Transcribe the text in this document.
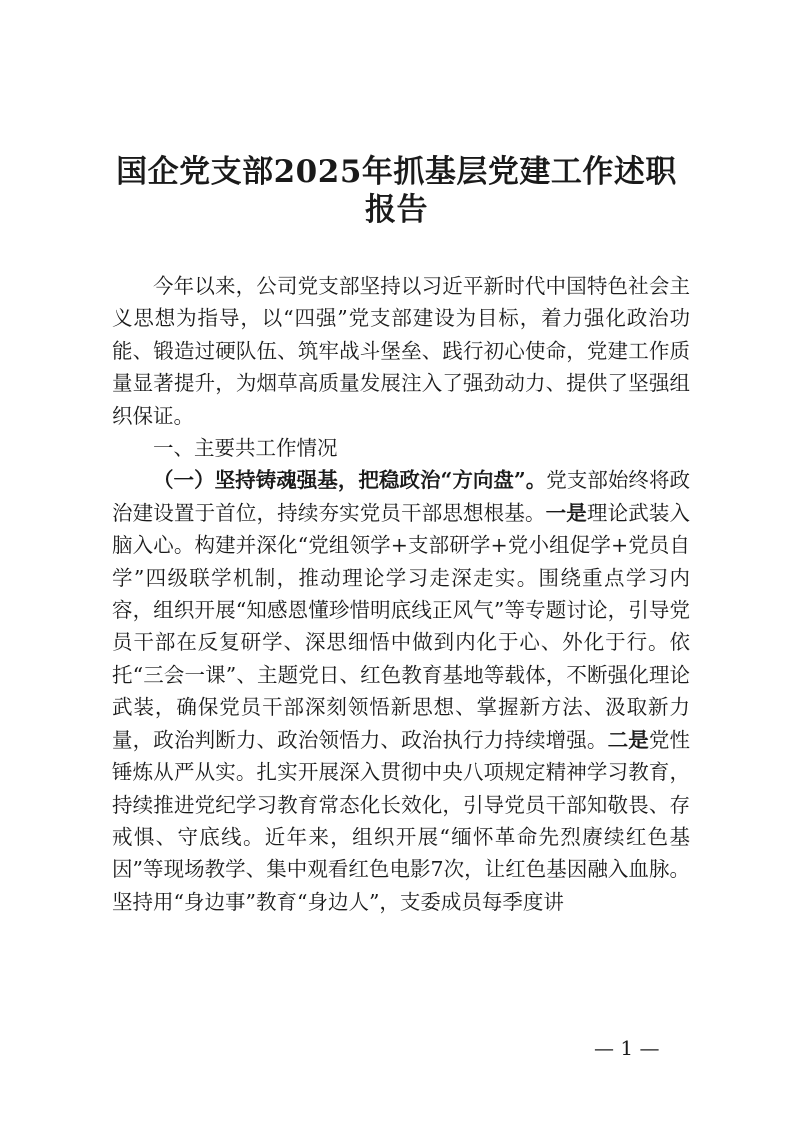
国企党支部2025年抓基层党建工作述职
报告

今年以来，公司党支部坚持以习近平新时代中国特色社会主义思想为指导，以“四强”党支部建设为目标，着力强化政治功能、锻造过硬队伍、筑牢战斗堡垒、践行初心使命，党建工作质量显著提升，为烟草高质量发展注入了强劲动力、提供了坚强组织保证。

一、主要共工作情况

（一）坚持铸魂强基，把稳政治“方向盘”。党支部始终将政治建设置于首位，持续夯实党员干部思想根基。一是理论武装入脑入心。构建并深化“党组领学+支部研学+党小组促学+党员自学”四级联学机制，推动理论学习走深走实。围绕重点学习内容，组织开展“知感恩懂珍惜明底线正风气”等专题讨论，引导党员干部在反复研学、深思细悟中做到内化于心、外化于行。依托“三会一课”、主题党日、红色教育基地等载体，不断强化理论武装，确保党员干部深刻领悟新思想、掌握新方法、汲取新力量，政治判断力、政治领悟力、政治执行力持续增强。二是党性锤炼从严从实。扎实开展深入贯彻中央八项规定精神学习教育，持续推进党纪学习教育常态化长效化，引导党员干部知敬畏、存戒惧、守底线。近年来，组织开展“缅怀革命先烈赓续红色基因”等现场教学、集中观看红色电影7次，让红色基因融入血脉。坚持用“身边事”教育“身边人”，支委成员每季度讲

— 1 —
